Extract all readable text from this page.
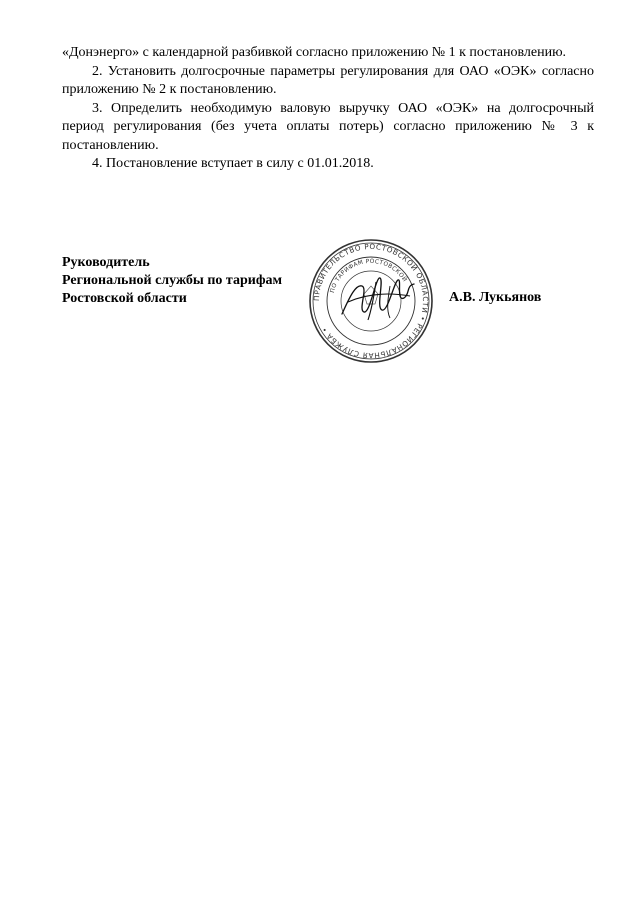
«Донэнерго» с календарной разбивкой согласно приложению № 1 к постановлению.

2. Установить долгосрочные параметры регулирования для ОАО «ОЭК» согласно приложению № 2 к постановлению.

3. Определить необходимую валовую выручку ОАО «ОЭК» на долгосрочный период регулирования (без учета оплаты потерь) согласно приложению № 3 к постановлению.

4. Постановление вступает в силу с 01.01.2018.

Руководитель
Региональной службы по тарифам
Ростовской области	ПРАВИТЕЛЬСТВО РОСТОВСКОЙ ОБЛАСТИ • РЕГИОНАЛЬНАЯ СЛУЖБА •
ПО ТАРИФАМ РОСТОВСКОЙ
А.В. Лукьянов
